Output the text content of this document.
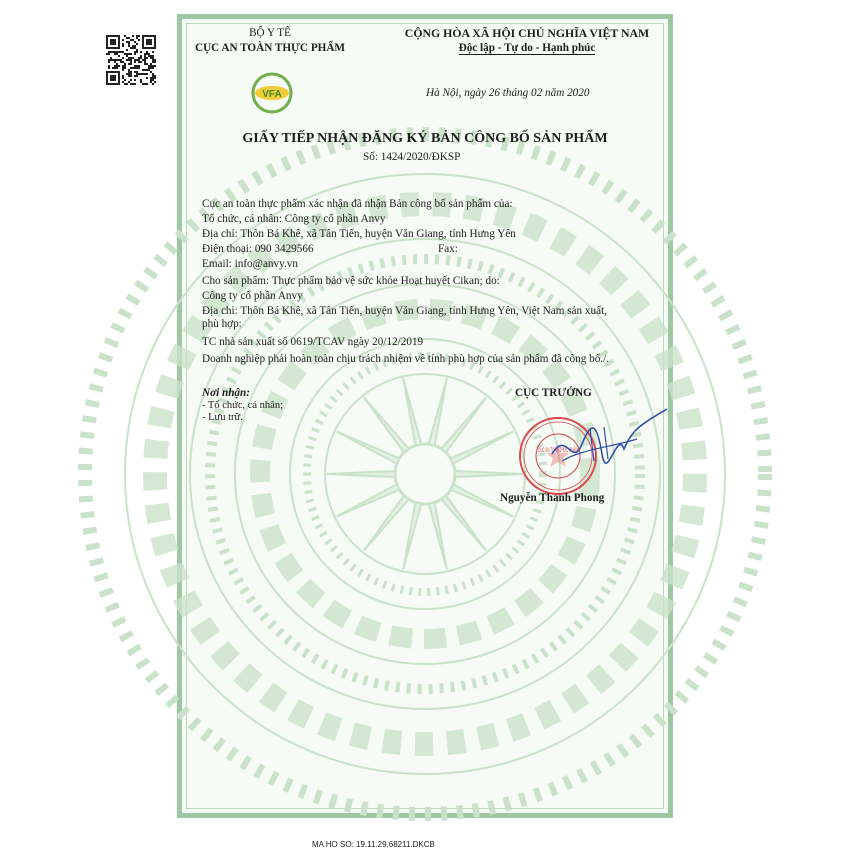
VFA
BỘ Y TẾ
CỤC AN TOÀN THỰC PHẨM
CỘNG HÒA XÃ HỘI CHỦ NGHĨA VIỆT NAM
Độc lập - Tự do - Hạnh phúc
Hà Nội, ngày 26 tháng 02 năm 2020
GIẤY TIẾP NHẬN ĐĂNG KÝ BẢN CÔNG BỐ SẢN PHẨM
Số: 1424/2020/ĐKSP
Cục an toàn thực phẩm xác nhận đã nhận Bản công bố sản phẩm của:
Tổ chức, cá nhân: Công ty cổ phần Anvy
Địa chỉ: Thôn Bá Khê, xã Tân Tiến, huyện Văn Giang, tỉnh Hưng Yên
Điện thoại: 090 3429566	Fax:
Email: info@anvy.vn
Cho sản phẩm: Thực phẩm bảo vệ sức khỏe Hoạt huyết Cikan; do:
Công ty cổ phần Anvy
Địa chỉ: Thôn Bá Khê, xã Tân Tiến, huyện Văn Giang, tỉnh Hưng Yên, Việt Nam sản xuất,
phù hợp:
TC nhà sản xuất số 0619/TCAV ngày 20/12/2019
Doanh nghiệp phải hoàn toàn chịu trách nhiệm về tính phù hợp của sản phẩm đã công bố./.
Nơi nhận:
- Tổ chức, cá nhân;
- Lưu trữ.
CỤC TRƯỞNG
CỤC AN TOÀN THỰC PHẨM
Nguyễn Thanh Phong
MA HO SO: 19.11.29.68211.DKCB
